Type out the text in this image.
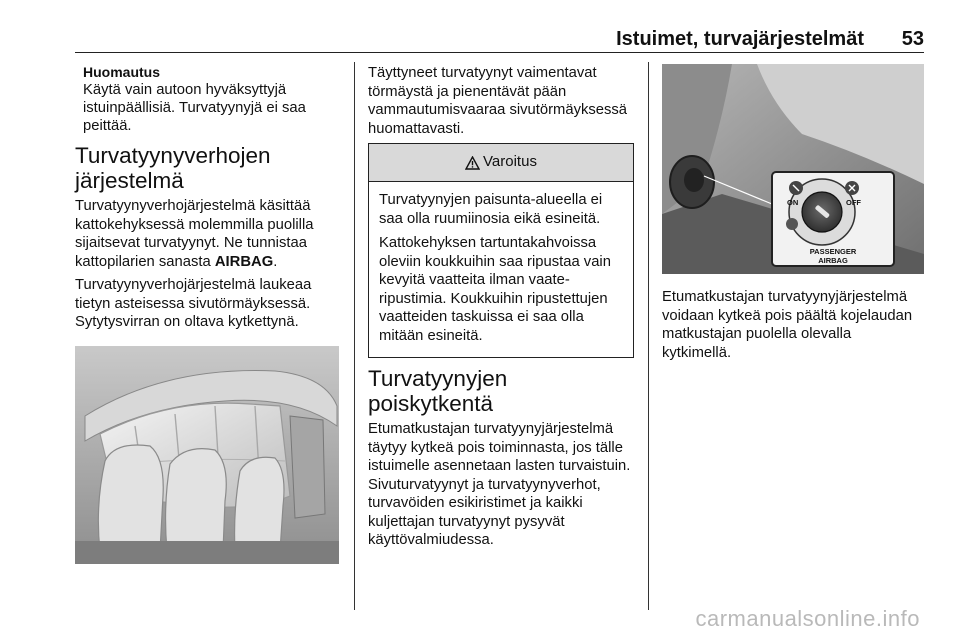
Istuimet, turvajärjestelmät 53
Huomautus
Käytä vain autoon hyväksyttyjä istuinpäällisiä. Turvatyynyjä ei saa peittää.
Turvatyynyverhojen järjestelmä

Turvatyynyverhojärjestelmä käsittää kattokehyksessä molemmilla puolilla sijaitsevat turvatyynyt. Ne tunnistaa kattopilarien sanasta AIRBAG.

Turvatyynyverhojärjestelmä laukeaa tietyn asteisessa sivutörmäyksessä. Sytytysvirran on oltava kytkettynä.

Täyttyneet turvatyynyt vaimentavat törmäystä ja pienentävät pään vammautumisvaaraa sivutörmäyksessä huomattavasti.

Varoitus

Turvatyynyjen paisunta-alueella ei saa olla ruumiinosia eikä esineitä.

Kattokehyksen tartuntakahvoissa oleviin koukkuihin saa ripustaa vain kevyitä vaatteita ilman vaateripustimia. Koukkuihin ripustettujen vaatteiden taskuissa ei saa olla mitään esineitä.

Turvatyynyjen poiskytkentä

Etumatkustajan turvatyynyjärjestelmä täytyy kytkeä pois toiminnasta, jos tälle istuimelle asennetaan lasten turvaistuin. Sivuturvatyynyt ja turvatyynyverhot, turvavöiden esikiristimet ja kaikki kuljettajan turvatyynyt pysyvät käyttövalmiudessa.

ON	OFF
PASSENGER
AIRBAG

Etumatkustajan turvatyynyjärjestelmä voidaan kytkeä pois päältä kojelaudan matkustajan puolella olevalla kytkimellä.

carmanualsonline.info
